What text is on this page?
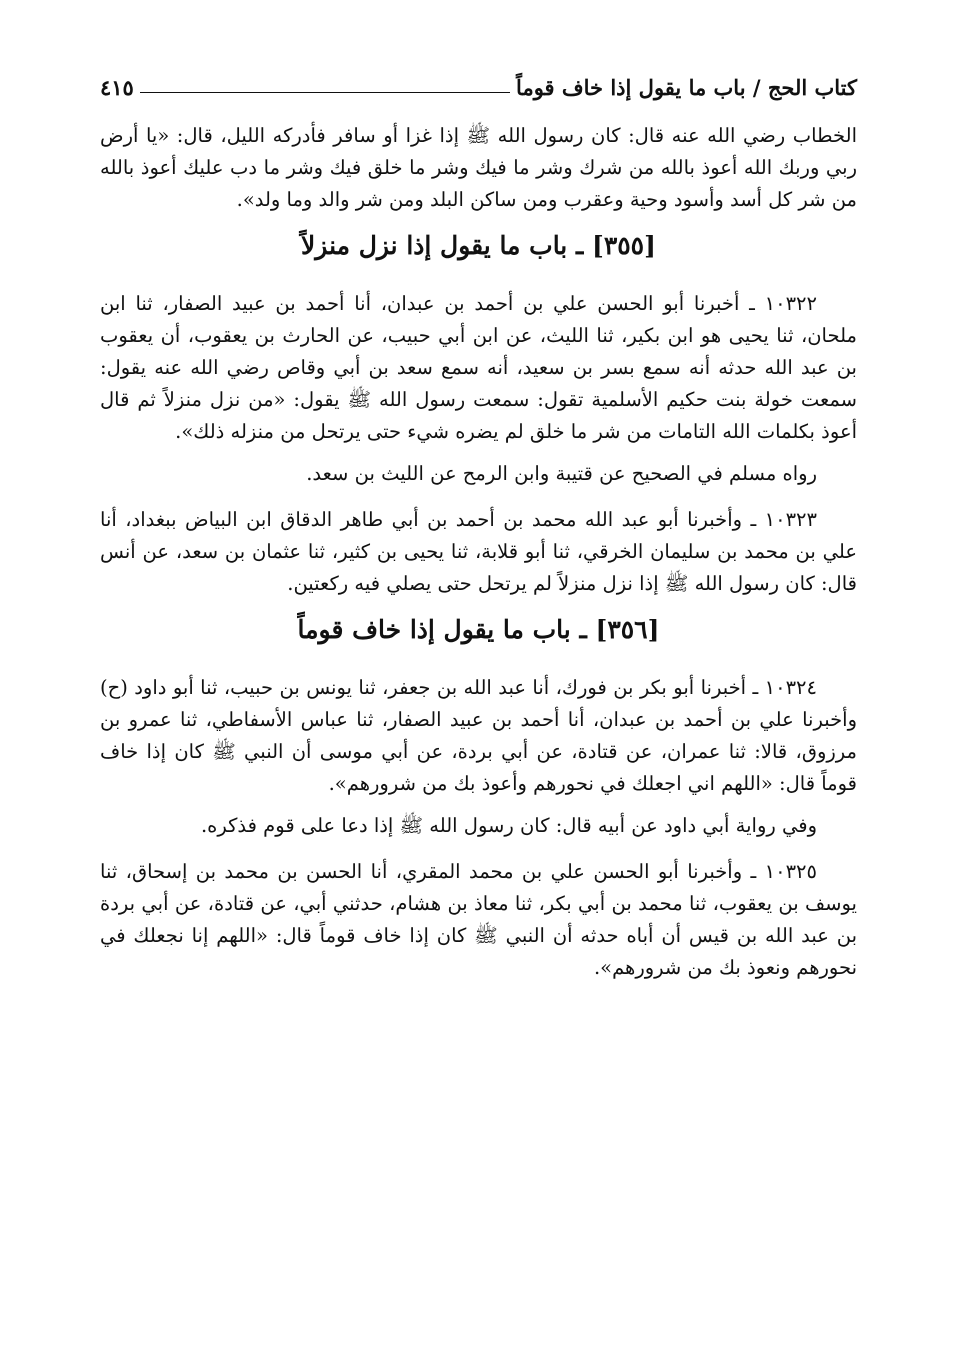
كتاب الحج / باب ما يقول إذا خاف قوماً
٤١٥

الخطاب رضي الله عنه قال: كان رسول الله ﷺ إذا غزا أو سافر فأدركه الليل، قال: «يا أرض ربي وربك الله أعوذ بالله من شرك وشر ما فيك وشر ما خلق فيك وشر ما دب عليك أعوذ بالله من شر كل أسد وأسود وحية وعقرب ومن ساكن البلد ومن شر والد وما ولد».

[٣٥٥] ـ باب ما يقول إذا نزل منزلاً

١٠٣٢٢ ـ أخبرنا أبو الحسن علي بن أحمد بن عبدان، أنا أحمد بن عبيد الصفار، ثنا ابن ملحان، ثنا يحيى هو ابن بكير، ثنا الليث، عن ابن أبي حبيب، عن الحارث بن يعقوب، أن يعقوب بن عبد الله حدثه أنه سمع بسر بن سعيد، أنه سمع سعد بن أبي وقاص رضي الله عنه يقول: سمعت خولة بنت حكيم الأسلمية تقول: سمعت رسول الله ﷺ يقول: «من نزل منزلاً ثم قال أعوذ بكلمات الله التامات من شر ما خلق لم يضره شيء حتى يرتحل من منزله ذلك».

رواه مسلم في الصحيح عن قتيبة وابن الرمح عن الليث بن سعد.

١٠٣٢٣ ـ وأخبرنا أبو عبد الله محمد بن أحمد بن أبي طاهر الدقاق ابن البياض ببغداد، أنا علي بن محمد بن سليمان الخرقي، ثنا أبو قلابة، ثنا يحيى بن كثير، ثنا عثمان بن سعد، عن أنس قال: كان رسول الله ﷺ إذا نزل منزلاً لم يرتحل حتى يصلي فيه ركعتين.

[٣٥٦] ـ باب ما يقول إذا خاف قوماً

١٠٣٢٤ ـ أخبرنا أبو بكر بن فورك، أنا عبد الله بن جعفر، ثنا يونس بن حبيب، ثنا أبو داود (ح) وأخبرنا علي بن أحمد بن عبدان، أنا أحمد بن عبيد الصفار، ثنا عباس الأسفاطي، ثنا عمرو بن مرزوق، قالا: ثنا عمران، عن قتادة، عن أبي بردة، عن أبي موسى أن النبي ﷺ كان إذا خاف قوماً قال: «اللهم اني اجعلك في نحورهم وأعوذ بك من شرورهم».

وفي رواية أبي داود عن أبيه قال: كان رسول الله ﷺ إذا دعا على قوم فذكره.

١٠٣٢٥ ـ وأخبرنا أبو الحسن علي بن محمد المقري، أنا الحسن بن محمد بن إسحاق، ثنا يوسف بن يعقوب، ثنا محمد بن أبي بكر، ثنا معاذ بن هشام، حدثني أبي، عن قتادة، عن أبي بردة بن عبد الله بن قيس أن أباه حدثه أن النبي ﷺ كان إذا خاف قوماً قال: «اللهم إنا نجعلك في نحورهم ونعوذ بك من شرورهم».
